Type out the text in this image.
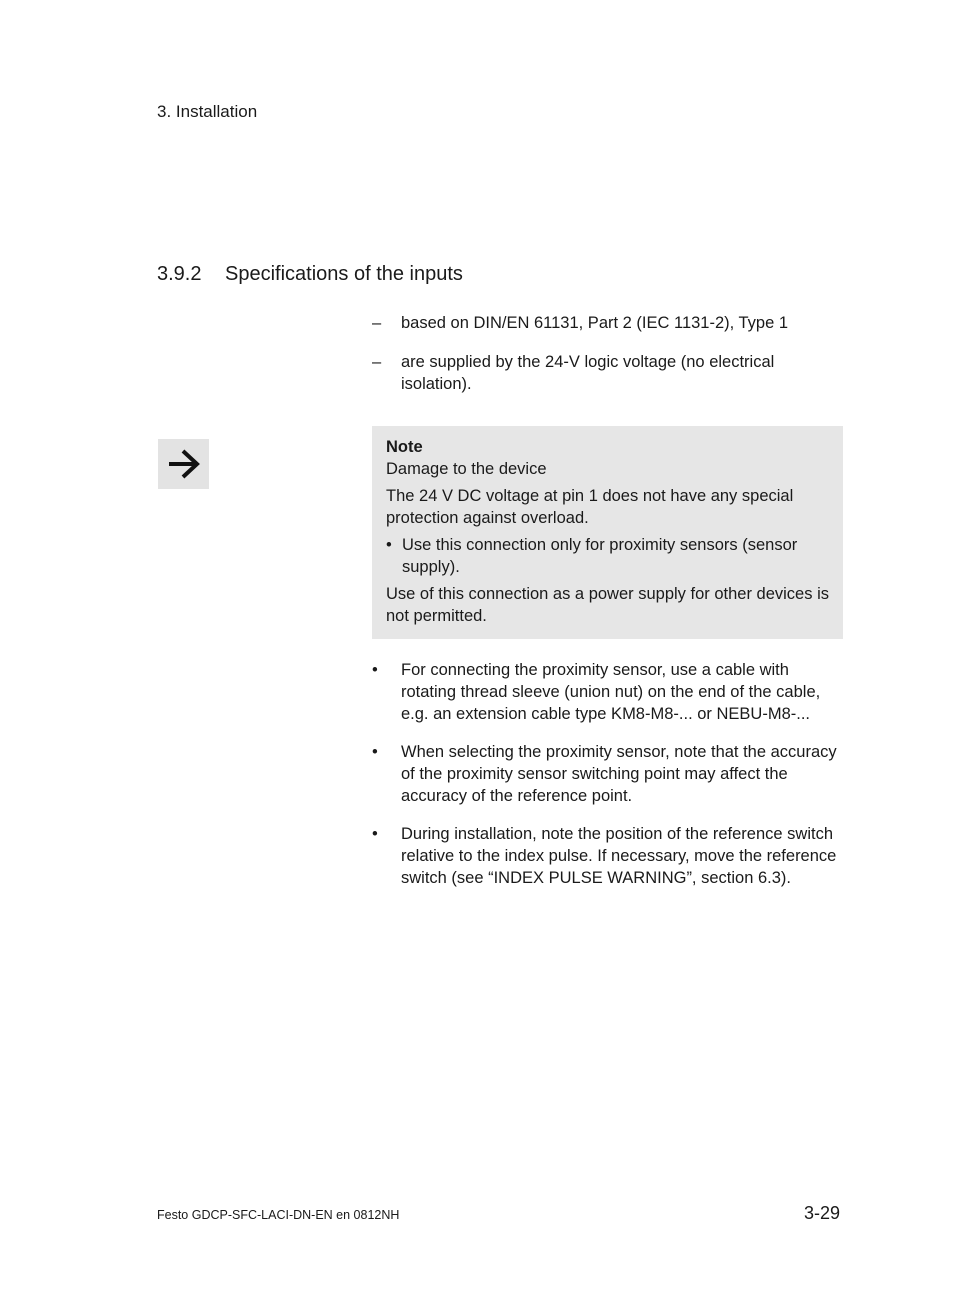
3. Installation
3.9.2 Specifications of the inputs
–	based on DIN/EN 61131, Part 2 (IEC 1131-2), Type 1
–	are supplied by the 24-V logic voltage (no electrical isolation).

Note

Damage to the device

The 24 V DC voltage at pin 1 does not have any special protection against overload.

• Use this connection only for proximity sensors (sensor supply).

Use of this connection as a power supply for other devices is not permitted.

•	For connecting the proximity sensor, use a cable with rotating thread sleeve (union nut) on the end of the cable, e.g. an extension cable type KM8-M8-... or NEBU-M8-...
•	When selecting the proximity sensor, note that the accuracy of the proximity sensor switching point may affect the accuracy of the reference point.
•	During installation, note the position of the reference switch relative to the index pulse. If necessary, move the reference switch (see “INDEX PULSE WARNING”, section 6.3).
Festo GDCP-SFC-LACI-DN-EN en 0812NH	3-29
